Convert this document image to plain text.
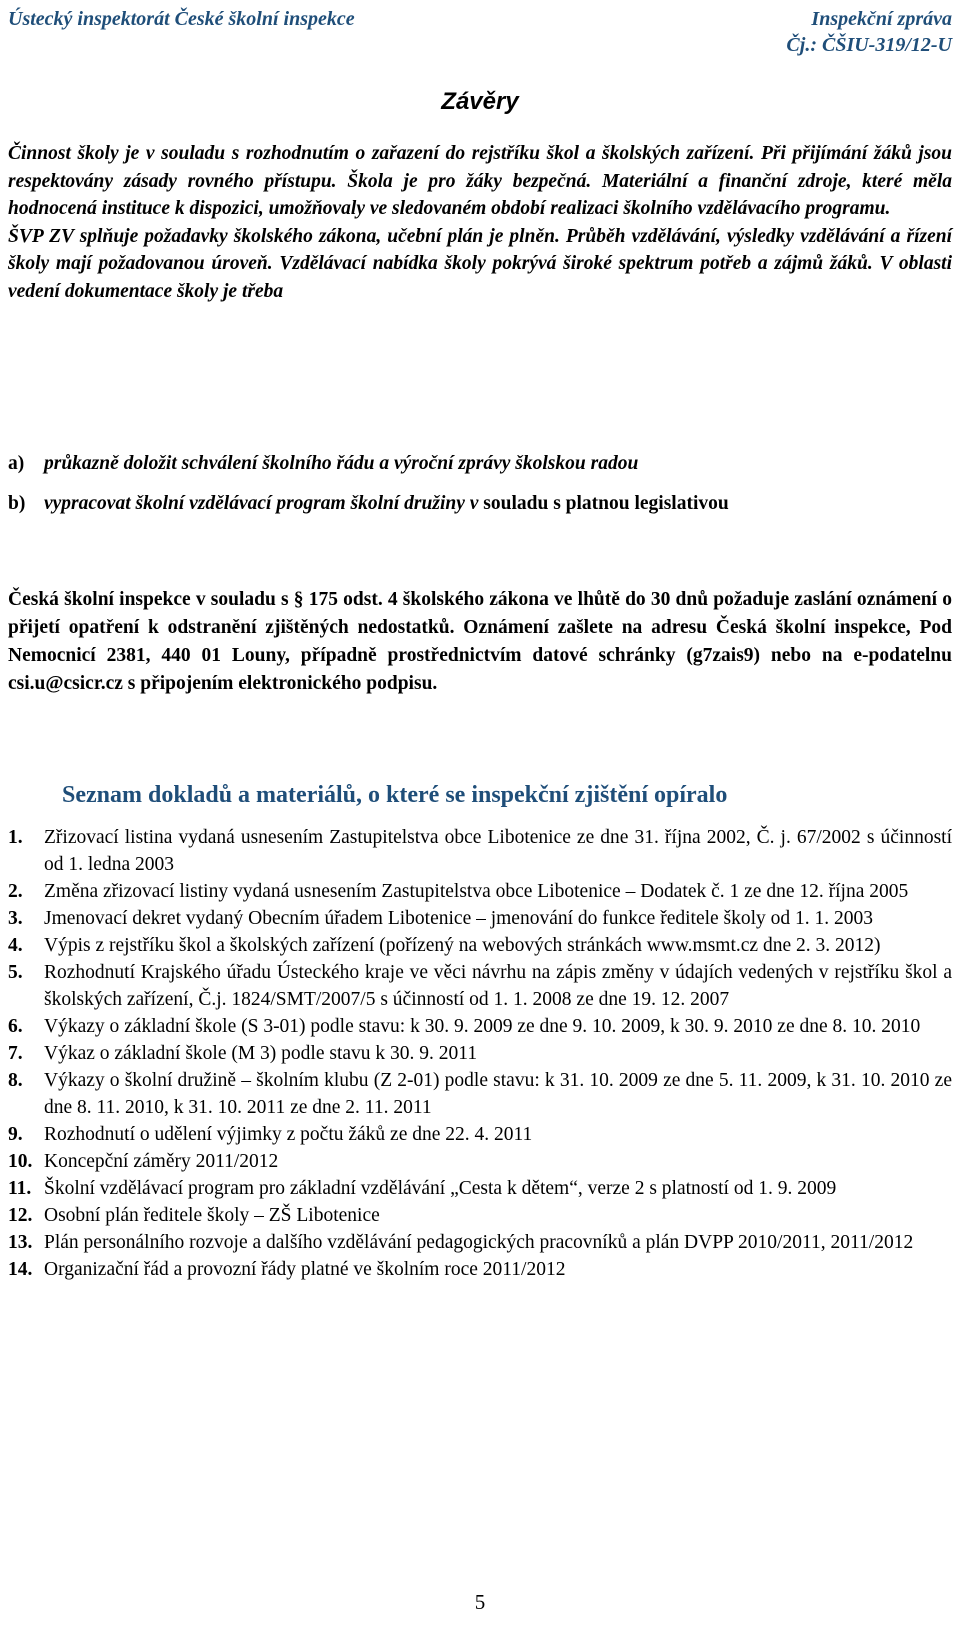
Ústecký inspektorát České školní inspekce	Inspekční zpráva
Čj.: ČŠIU-319/12-U
Závěry

Činnost školy je v souladu s rozhodnutím o zařazení do rejstříku škol a školských zařízení. Při přijímání žáků jsou respektovány zásady rovného přístupu. Škola je pro žáky bezpečná. Materiální a finanční zdroje, které měla hodnocená instituce k dispozici, umožňovaly ve sledovaném období realizaci školního vzdělávacího programu.

ŠVP ZV splňuje požadavky školského zákona, učební plán je plněn. Průběh vzdělávání, výsledky vzdělávání a řízení školy mají požadovanou úroveň. Vzdělávací nabídka školy pokrývá široké spektrum potřeb a zájmů žáků. V oblasti vedení dokumentace školy je třeba

a) průkazně doložit schválení školního řádu a výroční zprávy školskou radou
b) vypracovat školní vzdělávací program školní družiny v souladu s platnou legislativou

Česká školní inspekce v souladu s § 175 odst. 4 školského zákona ve lhůtě do 30 dnů požaduje zaslání oznámení o přijetí opatření k odstranění zjištěných nedostatků. Oznámení zašlete na adresu Česká školní inspekce, Pod Nemocnicí 2381, 440 01 Louny, případně prostřednictvím datové schránky (g7zais9) nebo na e-podatelnu csi.u@csicr.cz s připojením elektronického podpisu.

Seznam dokladů a materiálů, o které se inspekční zjištění opíralo
1. Zřizovací listina vydaná usnesením Zastupitelstva obce Libotenice ze dne 31. října 2002, Č. j. 67/2002 s účinností od 1. ledna 2003
2. Změna zřizovací listiny vydaná usnesením Zastupitelstva obce Libotenice – Dodatek č. 1 ze dne 12. října 2005
3. Jmenovací dekret vydaný Obecním úřadem Libotenice – jmenování do funkce ředitele školy od 1. 1. 2003
4. Výpis z rejstříku škol a školských zařízení (pořízený na webových stránkách www.msmt.cz dne 2. 3. 2012)
5. Rozhodnutí Krajského úřadu Ústeckého kraje ve věci návrhu na zápis změny v údajích vedených v rejstříku škol a školských zařízení, Č.j. 1824/SMT/2007/5 s účinností od 1. 1. 2008 ze dne 19. 12. 2007
6. Výkazy o základní škole (S 3-01) podle stavu: k 30. 9. 2009 ze dne 9. 10. 2009, k 30. 9. 2010 ze dne 8. 10. 2010
7. Výkaz o základní škole (M 3) podle stavu k 30. 9. 2011
8. Výkazy o školní družině – školním klubu (Z 2-01) podle stavu: k 31. 10. 2009 ze dne 5. 11. 2009, k 31. 10. 2010 ze dne 8. 11. 2010, k 31. 10. 2011 ze dne 2. 11. 2011
9. Rozhodnutí o udělení výjimky z počtu žáků ze dne 22. 4. 2011
10. Koncepční záměry 2011/2012
11. Školní vzdělávací program pro základní vzdělávání „Cesta k dětem“, verze 2 s platností od 1. 9. 2009
12. Osobní plán ředitele školy – ZŠ Libotenice
13. Plán personálního rozvoje a dalšího vzdělávání pedagogických pracovníků a plán DVPP 2010/2011, 2011/2012
14. Organizační řád a provozní řády platné ve školním roce 2011/2012
5
